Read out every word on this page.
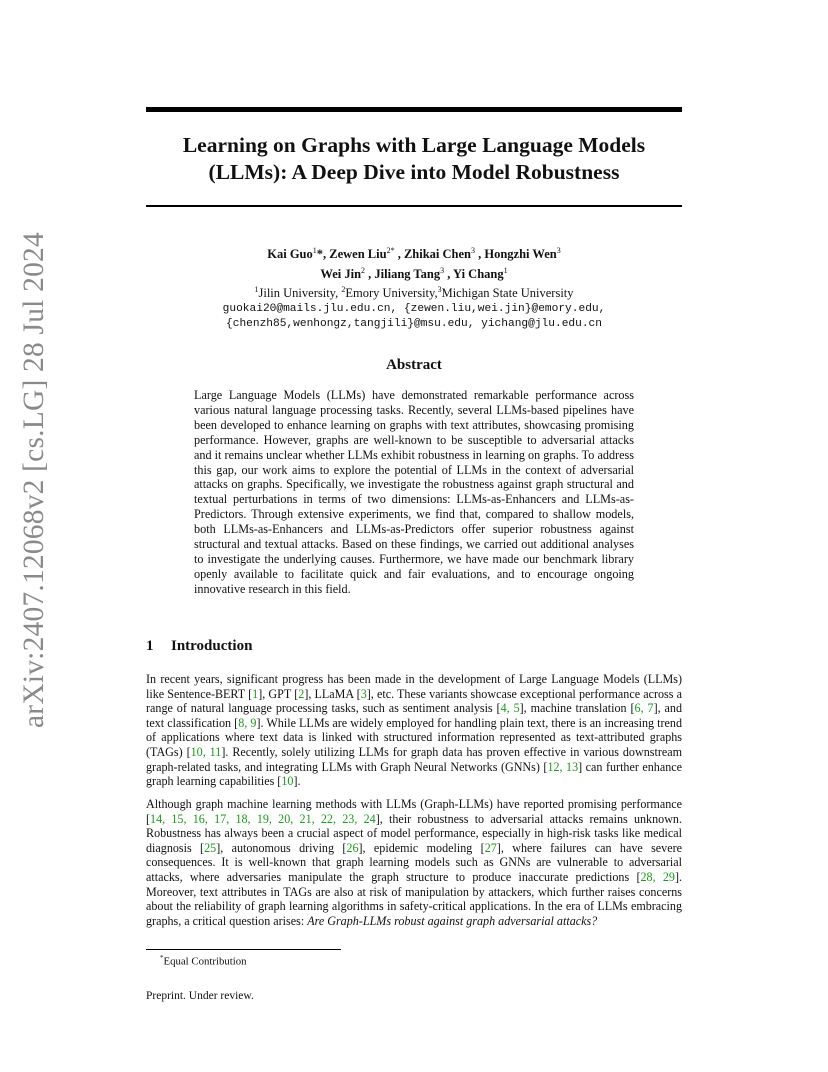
arXiv:2407.12068v2 [cs.LG] 28 Jul 2024
Learning on Graphs with Large Language Models
(LLMs): A Deep Dive into Model Robustness
Kai Guo$^1$*, Zewen Liu$^{2*}$ , Zhikai Chen$^3$ , Hongzhi Wen$^3$
Wei Jin$^2$ , Jiliang Tang$^3$ , Yi Chang$^1$
$^1$Jilin University, $^2$Emory University,$^3$Michigan State University
guokai20@mails.jlu.edu.cn, {zewen.liu,wei.jin}@emory.edu,
{chenzh85,wenhongz,tangjili}@msu.edu, yichang@jlu.edu.cn
Abstract

Large Language Models (LLMs) have demonstrated remarkable performance across various natural language processing tasks. Recently, several LLMs-based pipelines have been developed to enhance learning on graphs with text attributes, showcasing promising performance. However, graphs are well-known to be susceptible to adversarial attacks and it remains unclear whether LLMs exhibit robustness in learning on graphs. To address this gap, our work aims to explore the potential of LLMs in the context of adversarial attacks on graphs. Specifically, we investigate the robustness against graph structural and textual perturbations in terms of two dimensions: LLMs-as-Enhancers and LLMs-as-Predictors. Through extensive experiments, we find that, compared to shallow models, both LLMs-as-Enhancers and LLMs-as-Predictors offer superior robustness against structural and textual attacks. Based on these findings, we carried out additional analyses to investigate the underlying causes. Furthermore, we have made our benchmark library openly available to facilitate quick and fair evaluations, and to encourage ongoing innovative research in this field.

1 Introduction

In recent years, significant progress has been made in the development of Large Language Models (LLMs) like Sentence-BERT [1], GPT [2], LLaMA [3], etc. These variants showcase exceptional performance across a range of natural language processing tasks, such as sentiment analysis [4, 5], machine translation [6, 7], and text classification [8, 9]. While LLMs are widely employed for handling plain text, there is an increasing trend of applications where text data is linked with structured information represented as text-attributed graphs (TAGs) [10, 11]. Recently, solely utilizing LLMs for graph data has proven effective in various downstream graph-related tasks, and integrating LLMs with Graph Neural Networks (GNNs) [12, 13] can further enhance graph learning capabilities [10].

Although graph machine learning methods with LLMs (Graph-LLMs) have reported promising performance [14, 15, 16, 17, 18, 19, 20, 21, 22, 23, 24], their robustness to adversarial attacks remains unknown. Robustness has always been a crucial aspect of model performance, especially in high-risk tasks like medical diagnosis [25], autonomous driving [26], epidemic modeling [27], where failures can have severe consequences. It is well-known that graph learning models such as GNNs are vulnerable to adversarial attacks, where adversaries manipulate the graph structure to produce inaccurate predictions [28, 29]. Moreover, text attributes in TAGs are also at risk of manipulation by attackers, which further raises concerns about the reliability of graph learning algorithms in safety-critical applications. In the era of LLMs embracing graphs, a critical question arises: Are Graph-LLMs robust against graph adversarial attacks?

*Equal Contribution
Preprint. Under review.
